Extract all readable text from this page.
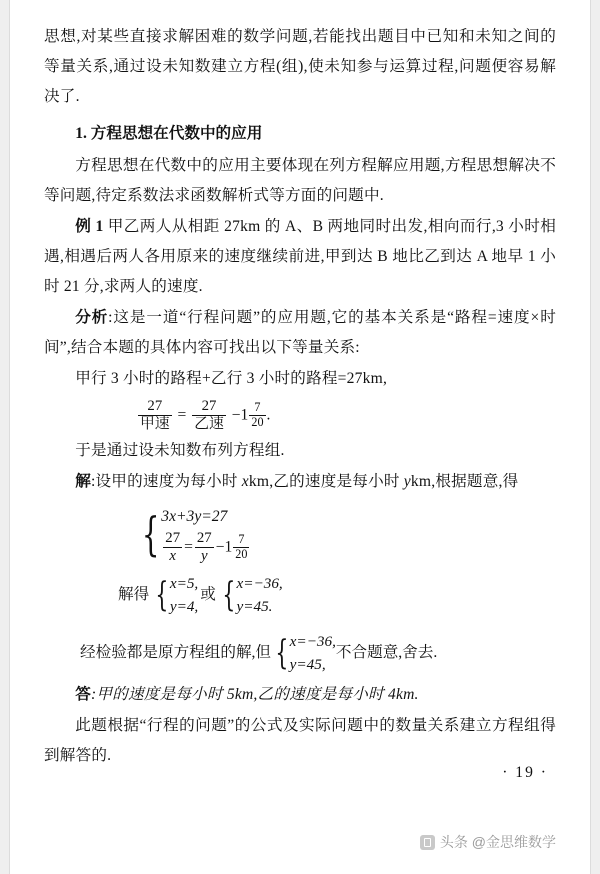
思想,对某些直接求解困难的数学问题,若能找出题目中已知和未知之间的等量关系,通过设未知数建立方程(组),使未知参与运算过程,问题便容易解决了.

1. 方程思想在代数中的应用

方程思想在代数中的应用主要体现在列方程解应用题,方程思想解决不等问题,待定系数法求函数解析式等方面的问题中.

例 1 甲乙两人从相距 27km 的 A、B 两地同时出发,相向而行,3 小时相遇,相遇后两人各用原来的速度继续前进,甲到达 B 地比乙到达 A 地早 1 小时 21 分,求两人的速度.

分析:这是一道“行程问题”的应用题,它的基本关系是“路程=速度×时间”,结合本题的具体内容可找出以下等量关系:

甲行 3 小时的路程+乙行 3 小时的路程=27km,

$\frac{27}{\text{甲速}} = \frac{27}{\text{乙速}} -1 \frac{7}{20}$ .

于是通过设未知数布列方程组.

解:设甲的速度为每小时 xkm,乙的速度是每小时 ykm,根据题意,得

{ 3x+3y=27
$\frac{27}{x} = \frac{27}{y} -1 \frac{7}{20}$
解得 { x=5,
y=4,
或 { x=−36,
y=45.
经检验都是原方程组的解,但 { x=−36,
y=45,
不合题意,舍去.

答:甲的速度是每小时 5km,乙的速度是每小时 4km.

此题根据“行程的问题”的公式及实际问题中的数量关系建立方程组得到解答的.

· 19 ·
头条 @金思维数学
